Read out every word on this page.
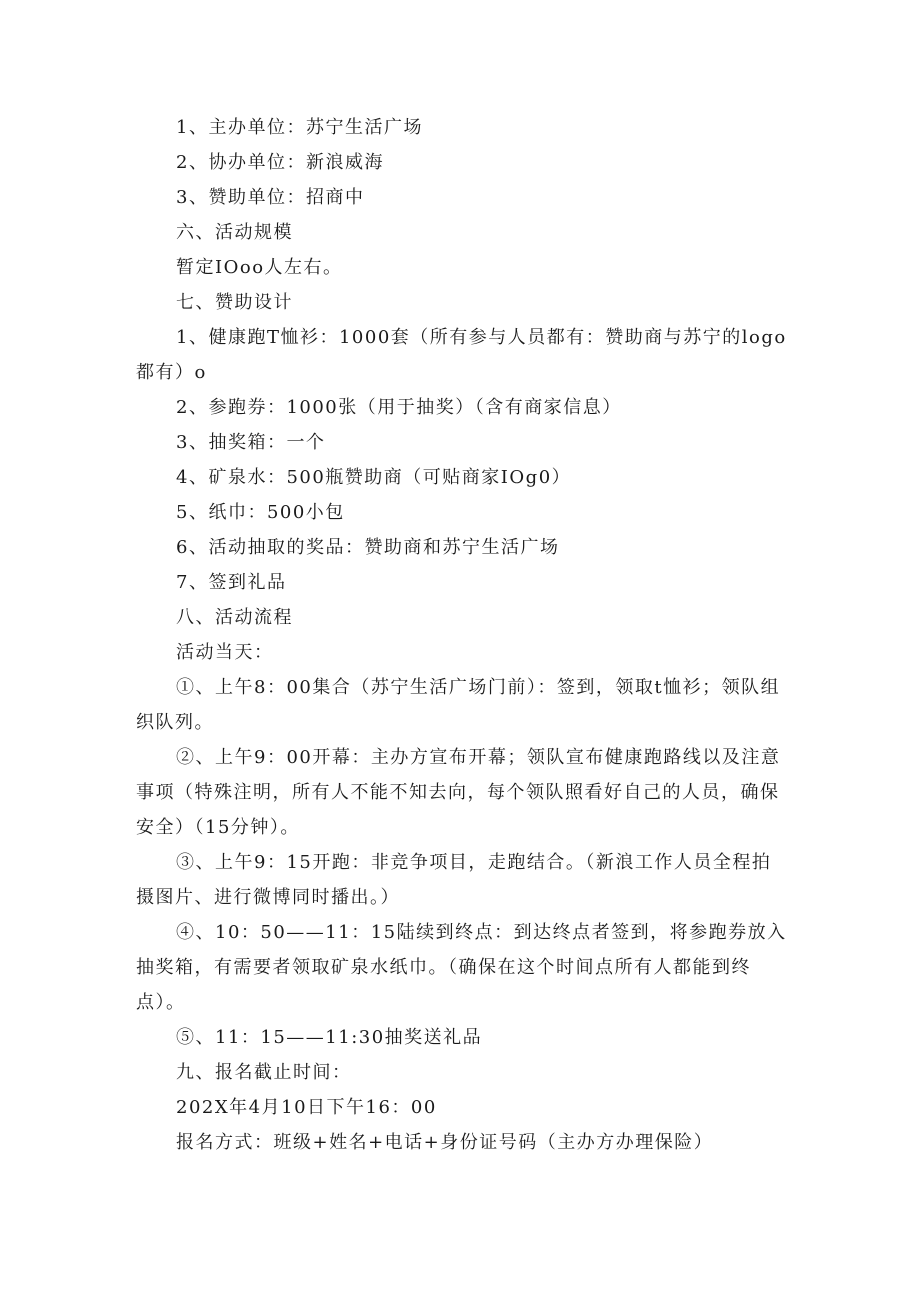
1、主办单位：苏宁生活广场

2、协办单位：新浪威海

3、赞助单位：招商中

六、活动规模

暂定IOoo人左右。

七、赞助设计

1、健康跑T恤衫：1000套（所有参与人员都有：赞助商与苏宁的logo都有）o

2、参跑券：1000张（用于抽奖）（含有商家信息）

3、抽奖箱：一个

4、矿泉水：500瓶赞助商（可贴商家IOg0）

5、纸巾：500小包

6、活动抽取的奖品：赞助商和苏宁生活广场

7、签到礼品

八、活动流程

活动当天：

①、上午8：00集合（苏宁生活广场门前）：签到，领取t恤衫；领队组织队列。

②、上午9：00开幕：主办方宣布开幕；领队宣布健康跑路线以及注意事项（特殊注明，所有人不能不知去向，每个领队照看好自己的人员，确保安全）（15分钟）。

③、上午9：15开跑：非竞争项目，走跑结合。（新浪工作人员全程拍摄图片、进行微博同时播出。）

④、10：50——11：15陆续到终点：到达终点者签到，将参跑券放入抽奖箱，有需要者领取矿泉水纸巾。（确保在这个时间点所有人都能到终点）。

⑤、11：15——11:30抽奖送礼品

九、报名截止时间：

202X年4月10日下午16：00

报名方式：班级+姓名+电话+身份证号码（主办方办理保险）
